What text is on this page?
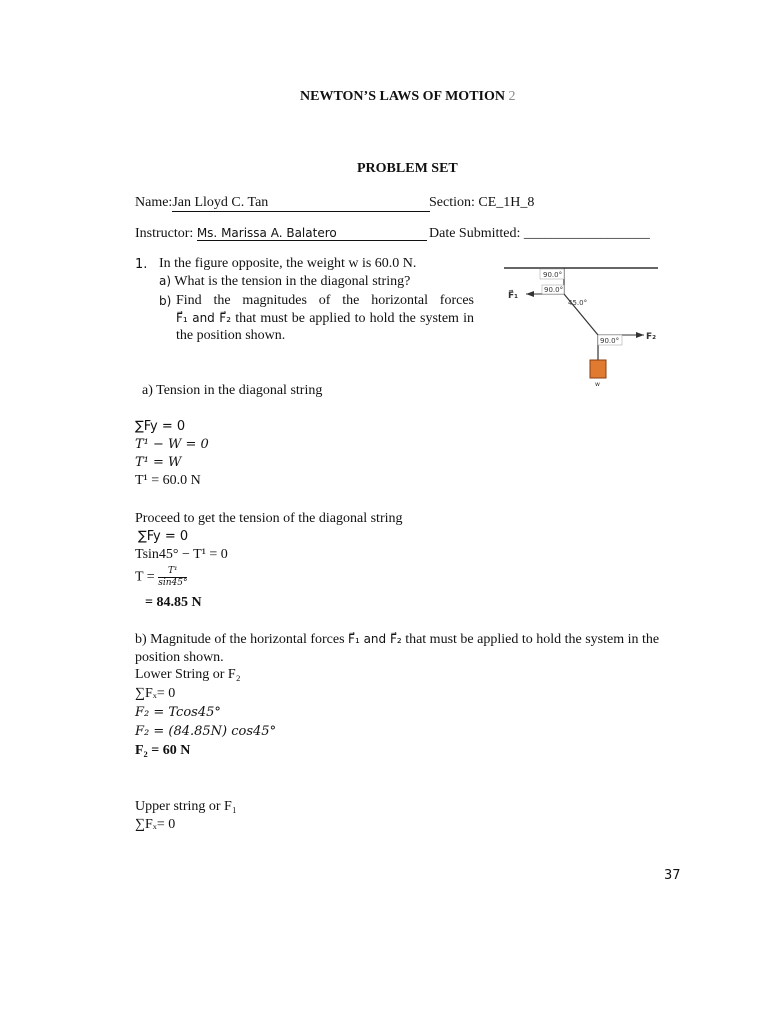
NEWTON’S LAWS OF MOTION 2
PROBLEM SET
Name:Jan Lloyd C. Tan	Section: CE_1H_8
Instructor: Ms. Marissa A. Balatero	Date Submitted: __________________
1. In the figure opposite, the weight w is 60.0 N.
a) What is the tension in the diagonal string?
b) Find the magnitudes of the horizontal forces
F⃗₁ and F⃗₂ that must be applied to hold the system in
the position shown.
90.0°
90.0°
45.0°
90.0°
F⃗₁
F₂
w
a) Tension in the diagonal string
∑Fy = 0
T¹ − W = 0
T¹ = W
T¹ = 60.0 N
Proceed to get the tension of the diagonal string
∑Fy = 0
Tsin45° − T¹ = 0
$T = \frac{\text{T¹}}{\sin 45^\circ}$
= 84.85 N
b) Magnitude of the horizontal forces F⃗₁ and F⃗₂ that must be applied to hold the system in the
position shown.
Lower String or F₂
∑Fₓ= 0
F₂ = Tcos45°
F₂ = (84.85N) cos45°
F₂ = 60 N
Upper string or F₁
∑Fₓ= 0
37
